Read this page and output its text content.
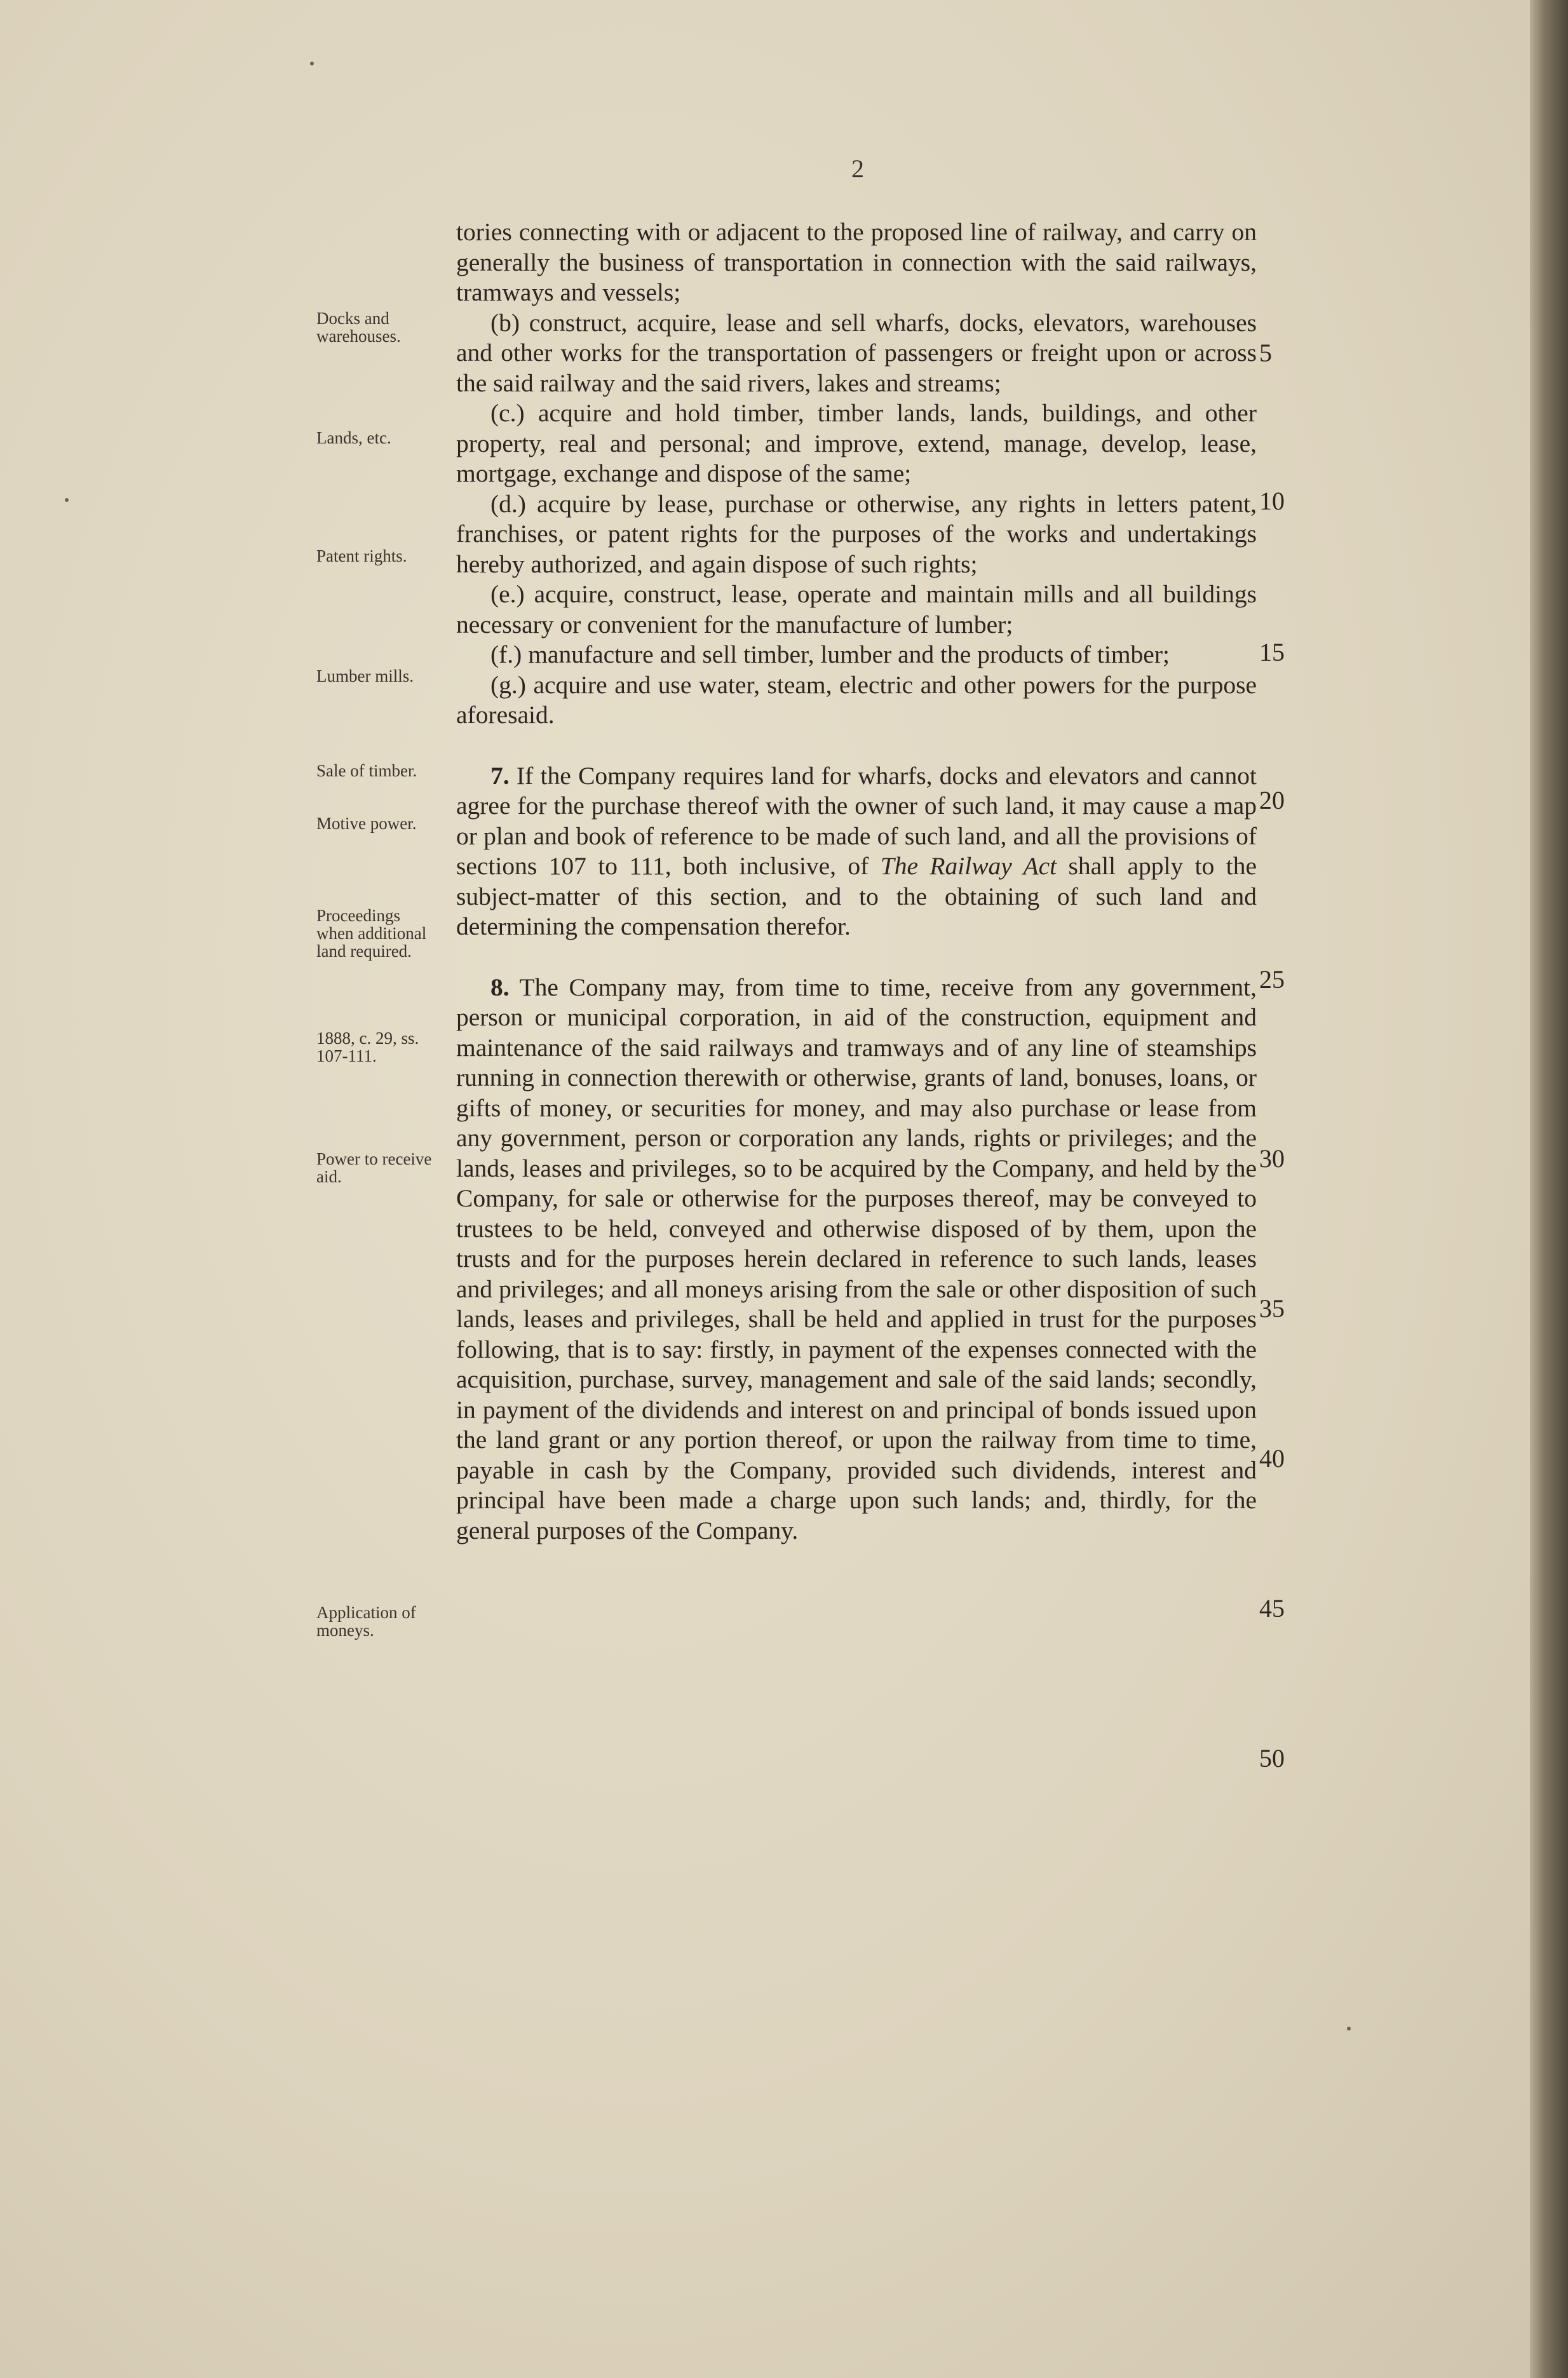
2
Docks and warehouses.
Lands, etc.
Patent rights.
Lumber mills.
Sale of timber.
Motive power.
Proceedings when additional land required.
1888, c. 29, ss. 107-111.
Power to receive aid.
Application of moneys.

tories connecting with or adjacent to the proposed line of railway, and carry on generally the business of transportation in connection with the said railways, tramways and vessels;

(b) construct, acquire, lease and sell wharfs, docks, elevators, warehouses and other works for the transportation of passengers or freight upon or across the said railway and the said rivers, lakes and streams;

(c.) acquire and hold timber, timber lands, lands, buildings, and other property, real and personal; and improve, extend, manage, develop, lease, mortgage, exchange and dispose of the same;

(d.) acquire by lease, purchase or otherwise, any rights in letters patent, franchises, or patent rights for the purposes of the works and undertakings hereby authorized, and again dispose of such rights;

(e.) acquire, construct, lease, operate and maintain mills and all buildings necessary or convenient for the manufacture of lumber;

(f.) manufacture and sell timber, lumber and the products of timber;

(g.) acquire and use water, steam, electric and other powers for the purpose aforesaid.

7. If the Company requires land for wharfs, docks and elevators and cannot agree for the purchase thereof with the owner of such land, it may cause a map or plan and book of reference to be made of such land, and all the provisions of sections 107 to 111, both inclusive, of The Railway Act shall apply to the subject-matter of this section, and to the obtaining of such land and determining the compensation therefor.

8. The Company may, from time to time, receive from any government, person or municipal corporation, in aid of the construction, equipment and maintenance of the said railways and tramways and of any line of steamships running in connection therewith or otherwise, grants of land, bonuses, loans, or gifts of money, or securities for money, and may also purchase or lease from any government, person or corporation any lands, rights or privileges; and the lands, leases and privileges, so to be acquired by the Company, and held by the Company, for sale or otherwise for the purposes thereof, may be conveyed to trustees to be held, conveyed and otherwise disposed of by them, upon the trusts and for the purposes herein declared in reference to such lands, leases and privileges; and all moneys arising from the sale or other disposition of such lands, leases and privileges, shall be held and applied in trust for the purposes following, that is to say: firstly, in payment of the expenses connected with the acquisition, purchase, survey, management and sale of the said lands; secondly, in payment of the dividends and interest on and principal of bonds issued upon the land grant or any portion thereof, or upon the railway from time to time, payable in cash by the Company, provided such dividends, interest and principal have been made a charge upon such lands; and, thirdly, for the general purposes of the Company.

5
10
15
20
25
30
35
40
45
50
